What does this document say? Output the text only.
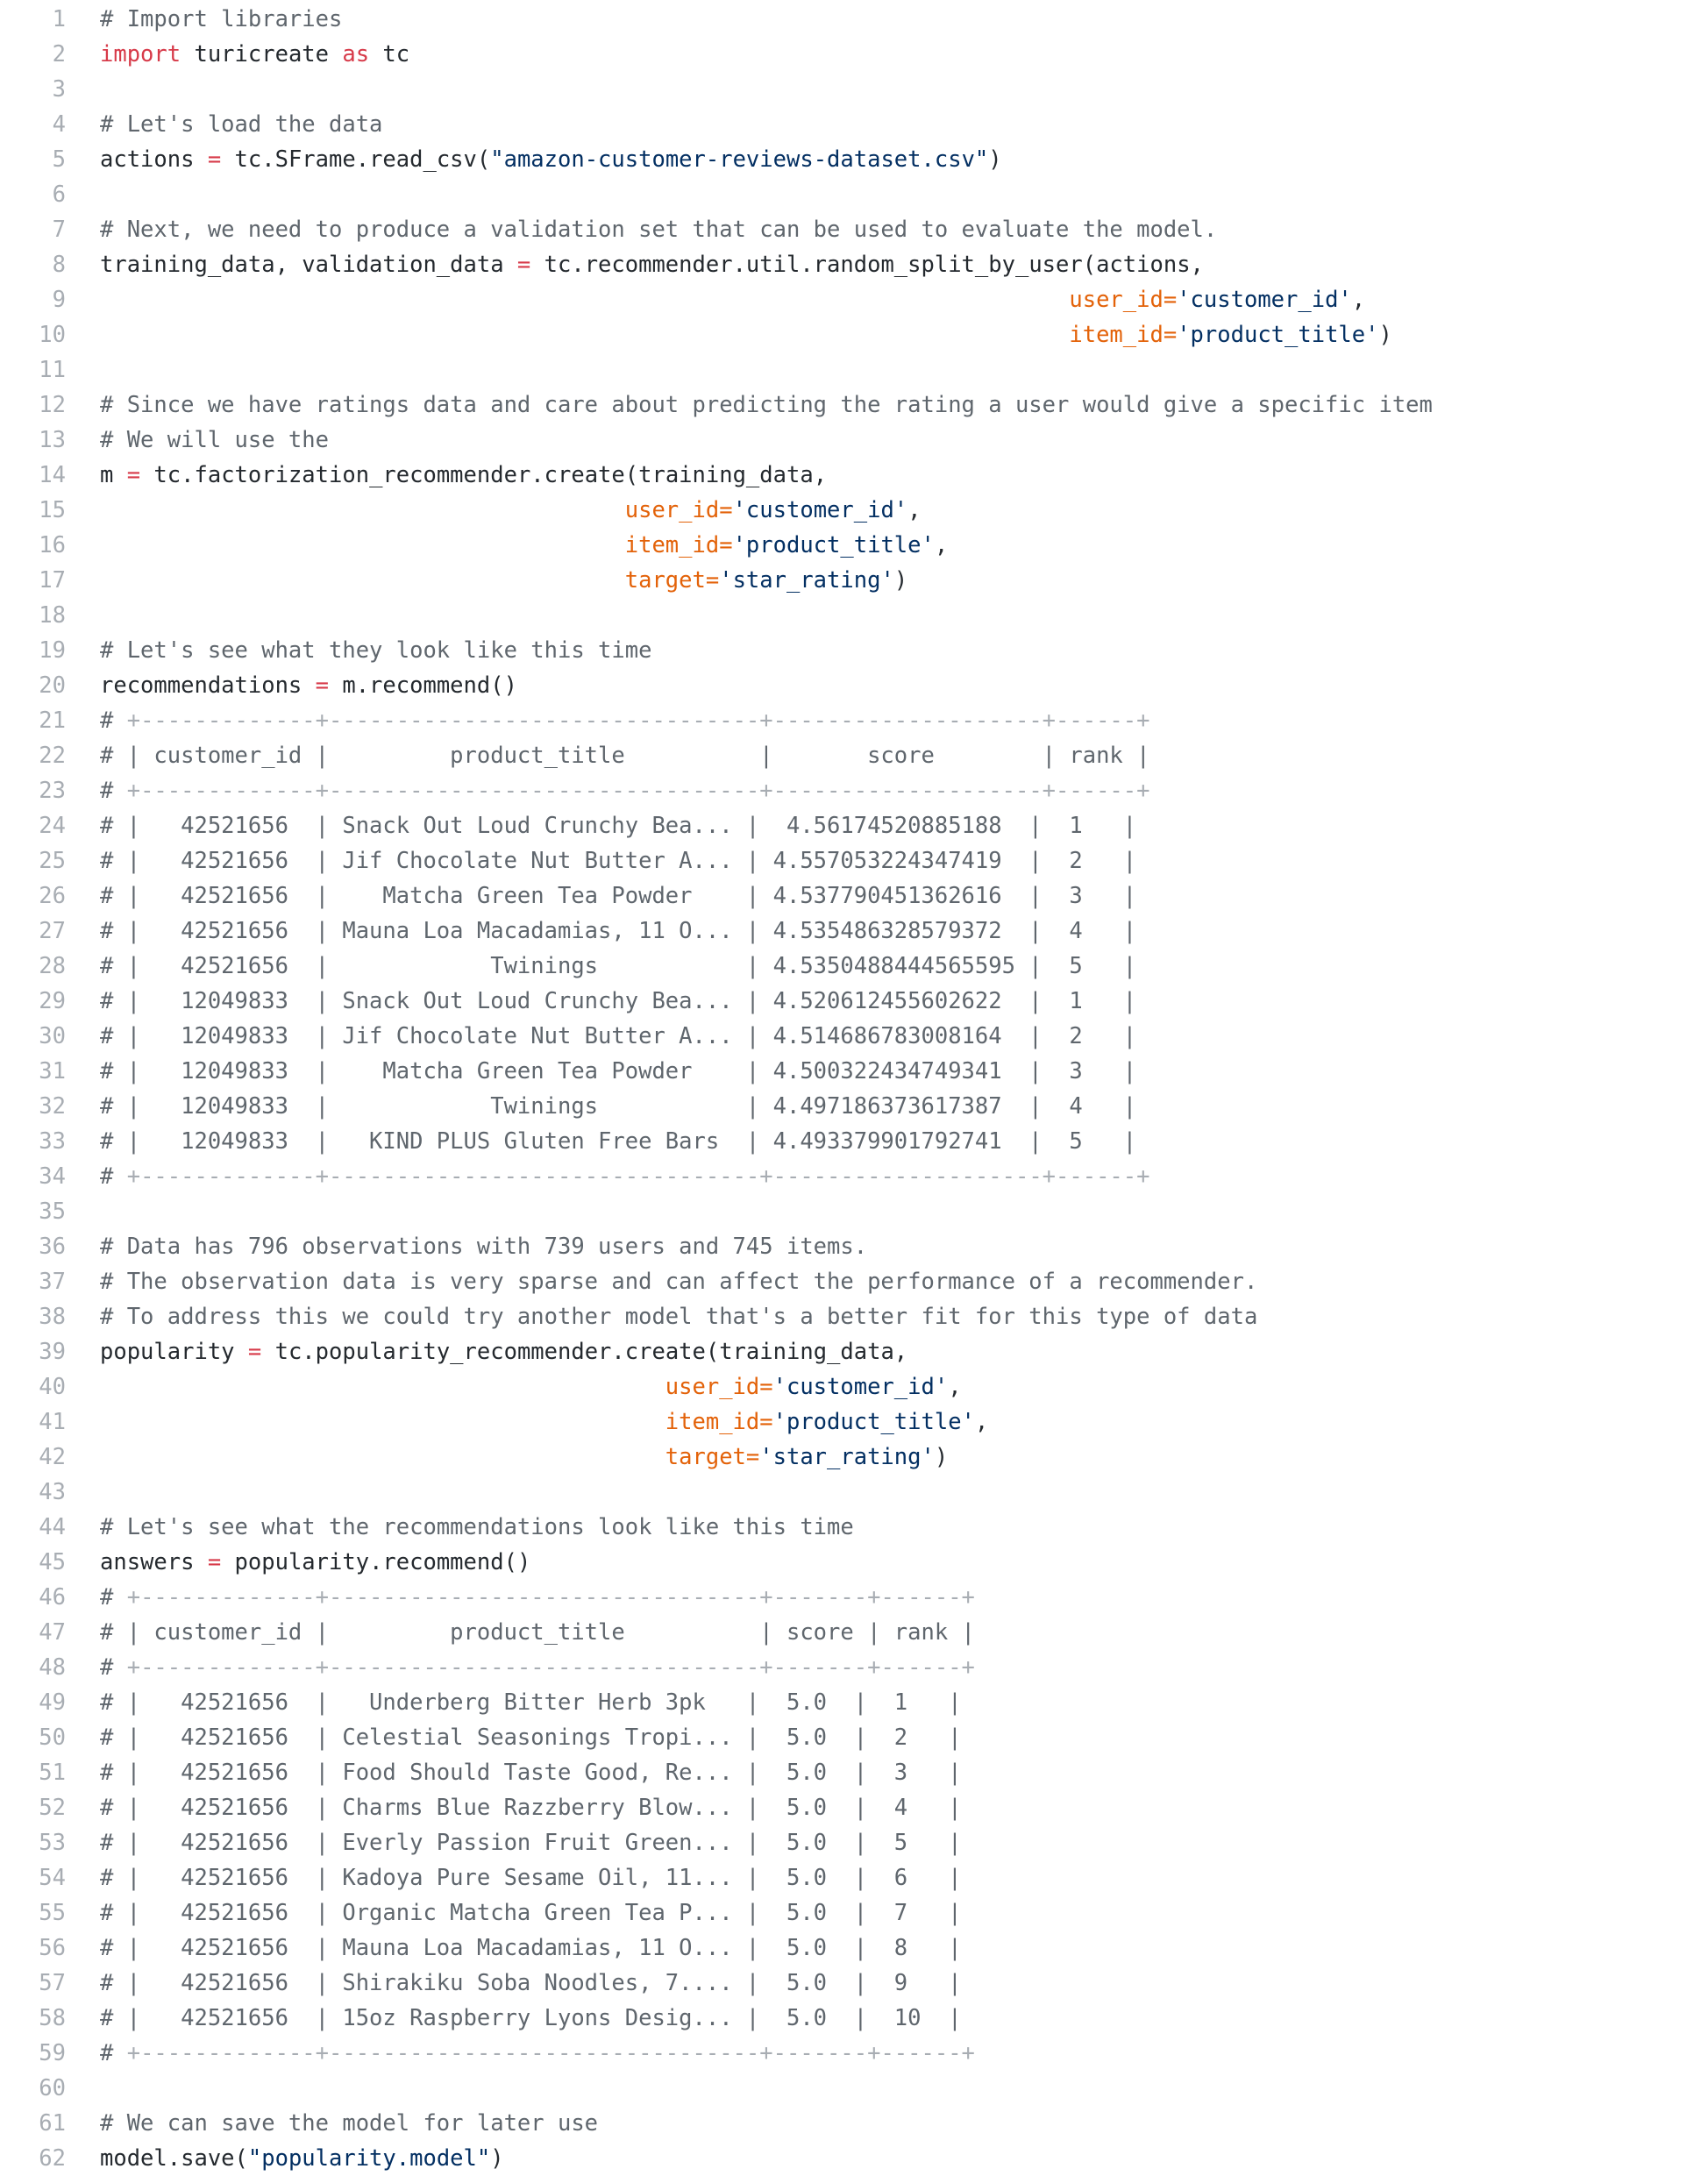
1	# Import libraries
2	import turicreate as tc
3
4	# Let's load the data
5	actions = tc.SFrame.read_csv("amazon-customer-reviews-dataset.csv")
6
7	# Next, we need to produce a validation set that can be used to evaluate the model.
8	training_data, validation_data = tc.recommender.util.random_split_by_user(actions,
9	user_id='customer_id',
10	item_id='product_title')
11
12	# Since we have ratings data and care about predicting the rating a user would give a specific item
13	# We will use the
14	m = tc.factorization_recommender.create(training_data,
15	user_id='customer_id',
16	item_id='product_title',
17	target='star_rating')
18
19	# Let's see what they look like this time
20	recommendations = m.recommend()
21	# +-------------+--------------------------------+--------------------+------+
22	# | customer_id |         product_title          |       score        | rank |
23	# +-------------+--------------------------------+--------------------+------+
24	# |   42521656  | Snack Out Loud Crunchy Bea... |  4.56174520885188  |  1   |
25	# |   42521656  | Jif Chocolate Nut Butter A... | 4.557053224347419  |  2   |
26	# |   42521656  |    Matcha Green Tea Powder    | 4.537790451362616  |  3   |
27	# |   42521656  | Mauna Loa Macadamias, 11 O... | 4.535486328579372  |  4   |
28	# |   42521656  |            Twinings           | 4.5350488444565595 |  5   |
29	# |   12049833  | Snack Out Loud Crunchy Bea... | 4.520612455602622  |  1   |
30	# |   12049833  | Jif Chocolate Nut Butter A... | 4.514686783008164  |  2   |
31	# |   12049833  |    Matcha Green Tea Powder    | 4.500322434749341  |  3   |
32	# |   12049833  |            Twinings           | 4.497186373617387  |  4   |
33	# |   12049833  |   KIND PLUS Gluten Free Bars  | 4.493379901792741  |  5   |
34	# +-------------+--------------------------------+--------------------+------+
35
36	# Data has 796 observations with 739 users and 745 items.
37	# The observation data is very sparse and can affect the performance of a recommender.
38	# To address this we could try another model that's a better fit for this type of data
39	popularity = tc.popularity_recommender.create(training_data,
40	user_id='customer_id',
41	item_id='product_title',
42	target='star_rating')
43
44	# Let's see what the recommendations look like this time
45	answers = popularity.recommend()
46	# +-------------+--------------------------------+-------+------+
47	# | customer_id |         product_title          | score | rank |
48	# +-------------+--------------------------------+-------+------+
49	# |   42521656  |   Underberg Bitter Herb 3pk   |  5.0  |  1   |
50	# |   42521656  | Celestial Seasonings Tropi... |  5.0  |  2   |
51	# |   42521656  | Food Should Taste Good, Re... |  5.0  |  3   |
52	# |   42521656  | Charms Blue Razzberry Blow... |  5.0  |  4   |
53	# |   42521656  | Everly Passion Fruit Green... |  5.0  |  5   |
54	# |   42521656  | Kadoya Pure Sesame Oil, 11... |  5.0  |  6   |
55	# |   42521656  | Organic Matcha Green Tea P... |  5.0  |  7   |
56	# |   42521656  | Mauna Loa Macadamias, 11 O... |  5.0  |  8   |
57	# |   42521656  | Shirakiku Soba Noodles, 7.... |  5.0  |  9   |
58	# |   42521656  | 15oz Raspberry Lyons Desig... |  5.0  |  10  |
59	# +-------------+--------------------------------+-------+------+
60
61	# We can save the model for later use
62	model.save("popularity.model")
